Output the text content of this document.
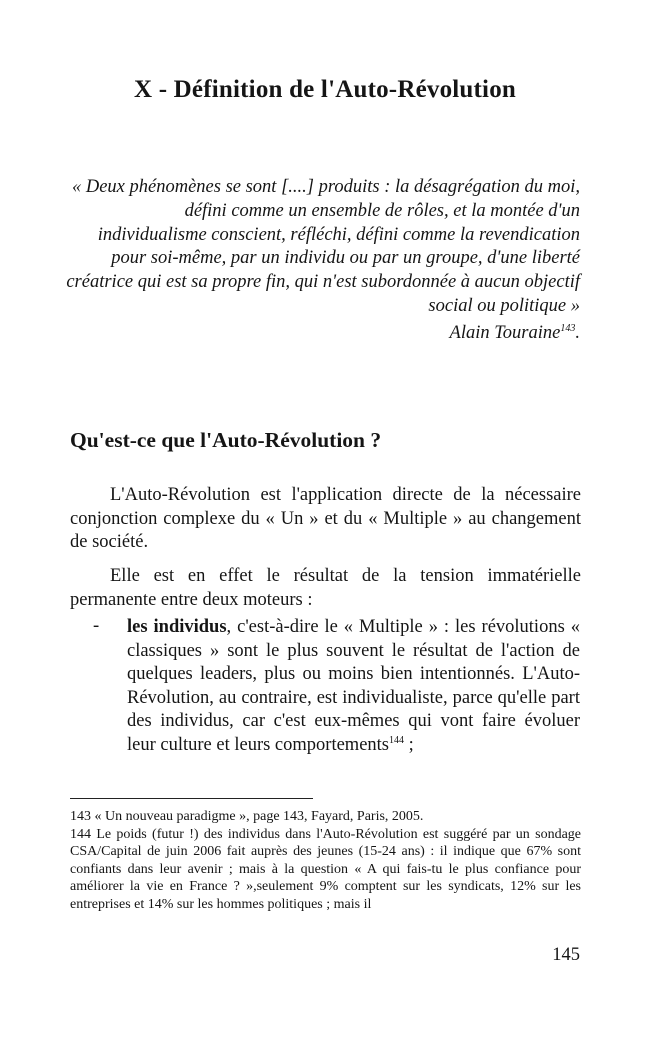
X - Définition de l'Auto-Révolution
« Deux phénomènes se sont [....] produits : la désagrégation du moi,
défini comme un ensemble de rôles, et la montée d'un
individualisme conscient, réfléchi, défini comme la revendication
pour soi-même, par un individu ou par un groupe, d'une liberté
créatrice qui est sa propre fin, qui n'est subordonnée à aucun objectif
social ou politique »
Alain Touraine$^{143}$.
Qu'est-ce que l'Auto-Révolution ?

L'Auto-Révolution est l'application directe de la nécessaire conjonction complexe du « Un » et du « Multiple » au changement de société.

Elle est en effet le résultat de la tension immatérielle permanente entre deux moteurs :

- les individus, c'est-à-dire le « Multiple » : les révolutions « classiques » sont le plus souvent le résultat de l'action de quelques leaders, plus ou moins bien intentionnés. L'Auto-Révolution, au contraire, est individualiste, parce qu'elle part des individus, car c'est eux-mêmes qui vont faire évoluer leur culture et leurs comportements$^{144}$ ;

143 « Un nouveau paradigme », page 143, Fayard, Paris, 2005.

144 Le poids (futur !) des individus dans l'Auto-Révolution est suggéré par un sondage CSA/Capital de juin 2006 fait auprès des jeunes (15-24 ans) : il indique que 67% sont confiants dans leur avenir ; mais à la question « A qui fais-tu le plus confiance pour améliorer la vie en France ? »,seulement 9% comptent sur les syndicats, 12% sur les entreprises et 14% sur les hommes politiques ; mais il

145
